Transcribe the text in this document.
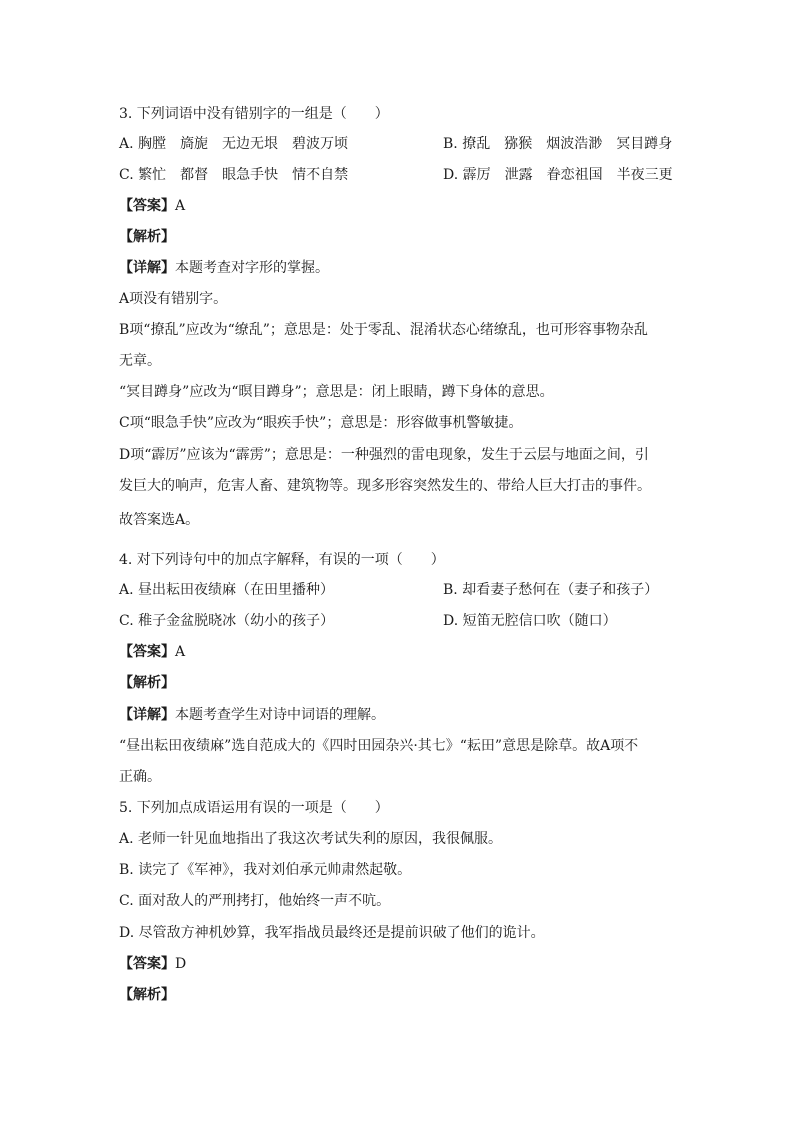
3. 下列词语中没有错别字的一组是（　　）
A. 胸膛　旖旎　无边无垠　碧波万顷	B. 撩乱　猕猴　烟波浩渺　冥目蹲身
C. 繁忙　都督　眼急手快　情不自禁	D. 霹厉　泄露　眷恋祖国　半夜三更
【答案】A
【解析】
【详解】本题考查对字形的掌握。
A项没有错别字。
B项“撩乱”应改为“缭乱”；意思是：处于零乱、混淆状态心绪缭乱，也可形容事物杂乱
无章。
“冥目蹲身”应改为“暝目蹲身”；意思是：闭上眼睛，蹲下身体的意思。
C项“眼急手快”应改为“眼疾手快”；意思是：形容做事机警敏捷。
D项“霹厉”应该为“霹雳”；意思是：一种强烈的雷电现象，发生于云层与地面之间，引
发巨大的响声，危害人畜、建筑物等。现多形容突然发生的、带给人巨大打击的事件。
故答案选A。
4. 对下列诗句中的加点字解释，有误的一项（　　）
A. 昼出耘田夜绩麻（在田里播种）	B. 却看妻子愁何在（妻子和孩子）
C. 稚子金盆脱晓冰（幼小的孩子）	D. 短笛无腔信口吹（随口）
【答案】A
【解析】
【详解】本题考查学生对诗中词语的理解。
“昼出耘田夜绩麻”选自范成大的《四时田园杂兴·其七》“耘田”意思是除草。故A项不
正确。
5. 下列加点成语运用有误的一项是（　　）
A. 老师一针见血地指出了我这次考试失利的原因，我很佩服。
B. 读完了《军神》，我对刘伯承元帅肃然起敬。
C. 面对敌人的严刑拷打，他始终一声不吭。
D. 尽管敌方神机妙算，我军指战员最终还是提前识破了他们的诡计。
【答案】D
【解析】
